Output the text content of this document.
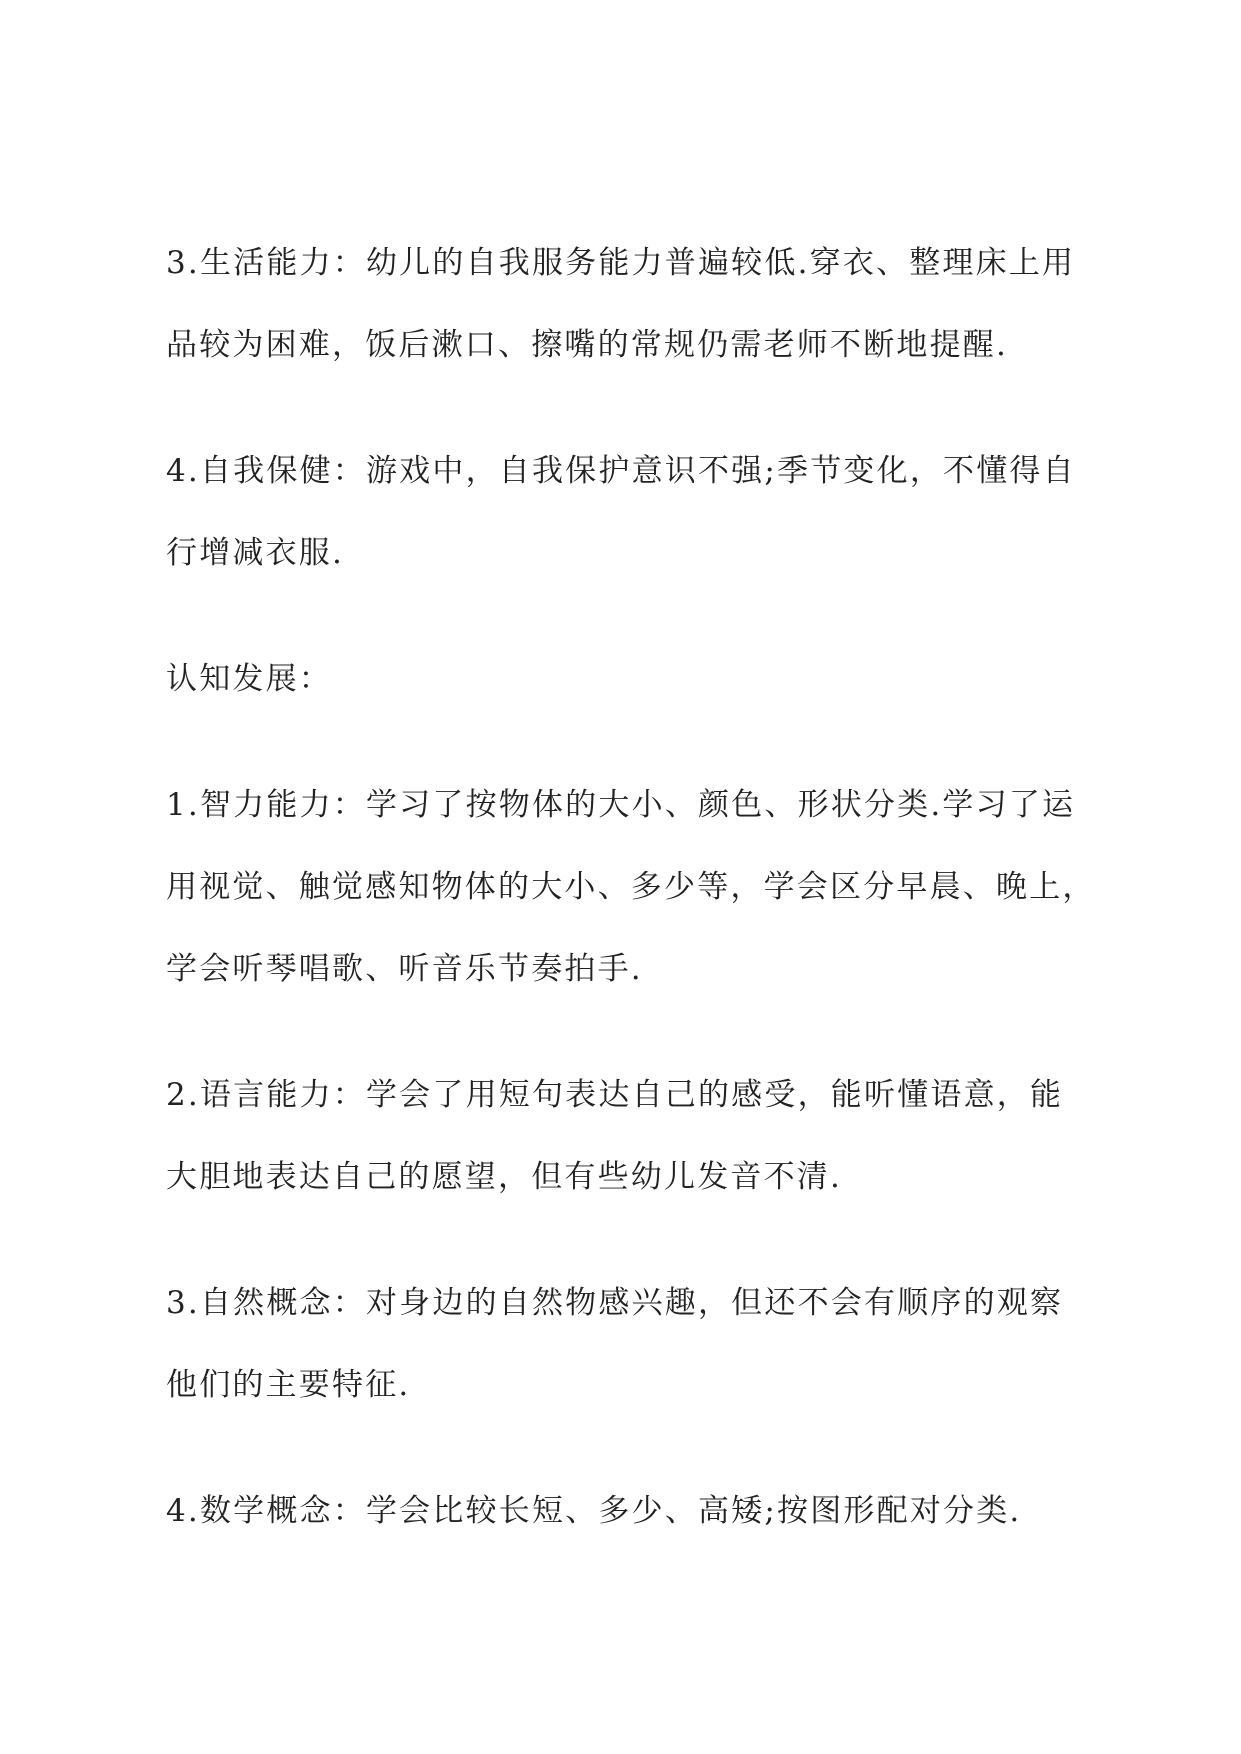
3.生活能力：幼儿的自我服务能力普遍较低.穿衣、整理床上用品较为困难，饭后漱口、擦嘴的常规仍需老师不断地提醒.

4.自我保健：游戏中，自我保护意识不强;季节变化，不懂得自行增减衣服.

认知发展：

1.智力能力：学习了按物体的大小、颜色、形状分类.学习了运用视觉、触觉感知物体的大小、多少等，学会区分早晨、晚上，学会听琴唱歌、听音乐节奏拍手.

2.语言能力：学会了用短句表达自己的感受，能听懂语意，能大胆地表达自己的愿望，但有些幼儿发音不清.

3.自然概念：对身边的自然物感兴趣，但还不会有顺序的观察他们的主要特征.

4.数学概念：学会比较长短、多少、高矮;按图形配对分类.
